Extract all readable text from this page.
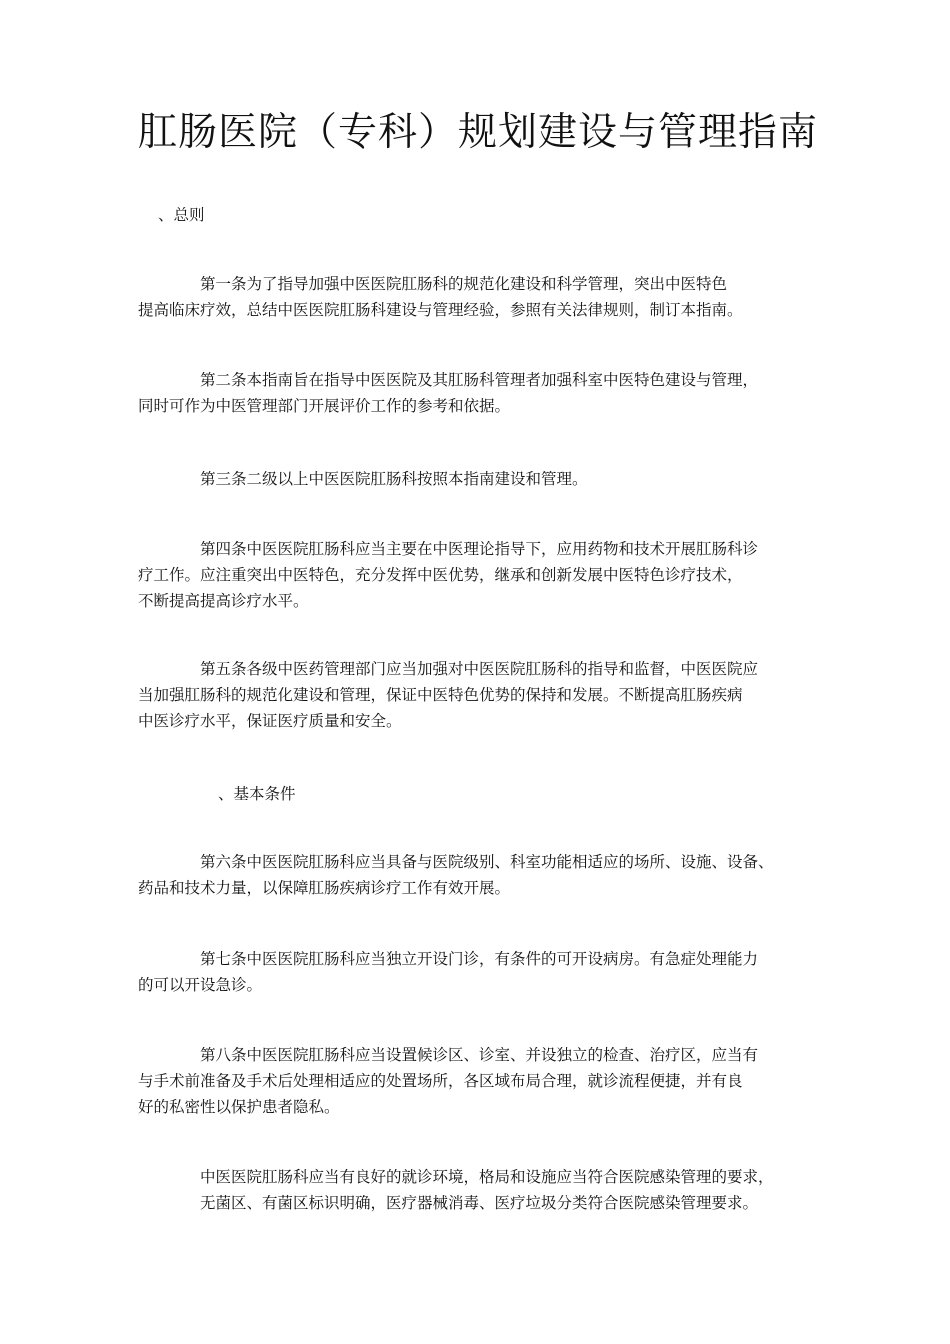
肛肠医院（专科）规划建设与管理指南
、总则
第一条为了指导加强中医医院肛肠科的规范化建设和科学管理，突出中医特色
提高临床疗效，总结中医医院肛肠科建设与管理经验，参照有关法律规则，制订本指南。
第二条本指南旨在指导中医医院及其肛肠科管理者加强科室中医特色建设与管理，
同时可作为中医管理部门开展评价工作的参考和依据。
第三条二级以上中医医院肛肠科按照本指南建设和管理。
第四条中医医院肛肠科应当主要在中医理论指导下，应用药物和技术开展肛肠科诊
疗工作。应注重突出中医特色，充分发挥中医优势，继承和创新发展中医特色诊疗技术，
不断提高提高诊疗水平。
第五条各级中医药管理部门应当加强对中医医院肛肠科的指导和监督，中医医院应
当加强肛肠科的规范化建设和管理，保证中医特色优势的保持和发展。不断提高肛肠疾病
中医诊疗水平，保证医疗质量和安全。
、基本条件
第六条中医医院肛肠科应当具备与医院级别、科室功能相适应的场所、设施、设备、
药品和技术力量，以保障肛肠疾病诊疗工作有效开展。
第七条中医医院肛肠科应当独立开设门诊，有条件的可开设病房。有急症处理能力
的可以开设急诊。
第八条中医医院肛肠科应当设置候诊区、诊室、并设独立的检查、治疗区，应当有
与手术前准备及手术后处理相适应的处置场所，各区域布局合理，就诊流程便捷，并有良
好的私密性以保护患者隐私。
中医医院肛肠科应当有良好的就诊环境，格局和设施应当符合医院感染管理的要求，
无菌区、有菌区标识明确，医疗器械消毒、医疗垃圾分类符合医院感染管理要求。
